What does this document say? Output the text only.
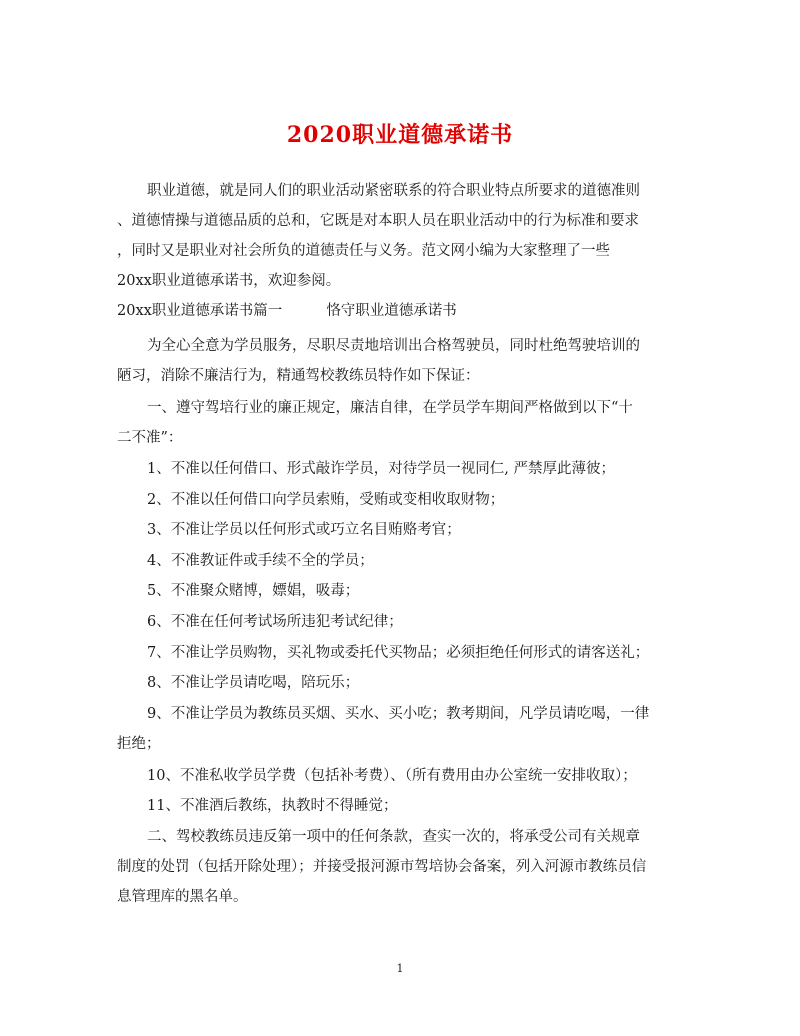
2020职业道德承诺书
职业道德，就是同人们的职业活动紧密联系的符合职业特点所要求的道德准则
、道德情操与道德品质的总和，它既是对本职人员在职业活动中的行为标准和要求
，同时又是职业对社会所负的道德责任与义务。范文网小编为大家整理了一些
20xx职业道德承诺书，欢迎参阅。
20xx职业道德承诺书篇一	恪守职业道德承诺书
为全心全意为学员服务，尽职尽责地培训出合格驾驶员，同时杜绝驾驶培训的
陋习，消除不廉洁行为，精通驾校教练员特作如下保证：
一、遵守驾培行业的廉正规定，廉洁自律，在学员学车期间严格做到以下“十
二不准”：
1、不准以任何借口、形式敲诈学员，对待学员一视同仁, 严禁厚此薄彼；
2、不准以任何借口向学员索贿，受贿或变相收取财物；
3、不准让学员以任何形式或巧立名目贿赂考官；
4、不准教证件或手续不全的学员；
5、不准聚众赌博，嫖娼，吸毒；
6、不准在任何考试场所违犯考试纪律；
7、不准让学员购物，买礼物或委托代买物品；必须拒绝任何形式的请客送礼；
8、不准让学员请吃喝，陪玩乐；
9、不准让学员为教练员买烟、买水、买小吃；教考期间，凡学员请吃喝，一律
拒绝；
10、不准私收学员学费（包括补考费）、（所有费用由办公室统一安排收取）；
11、不准酒后教练，执教时不得睡觉；
二、驾校教练员违反第一项中的任何条款，查实一次的，将承受公司有关规章
制度的处罚（包括开除处理）；并接受报河源市驾培协会备案，列入河源市教练员信
息管理库的黑名单。
1
